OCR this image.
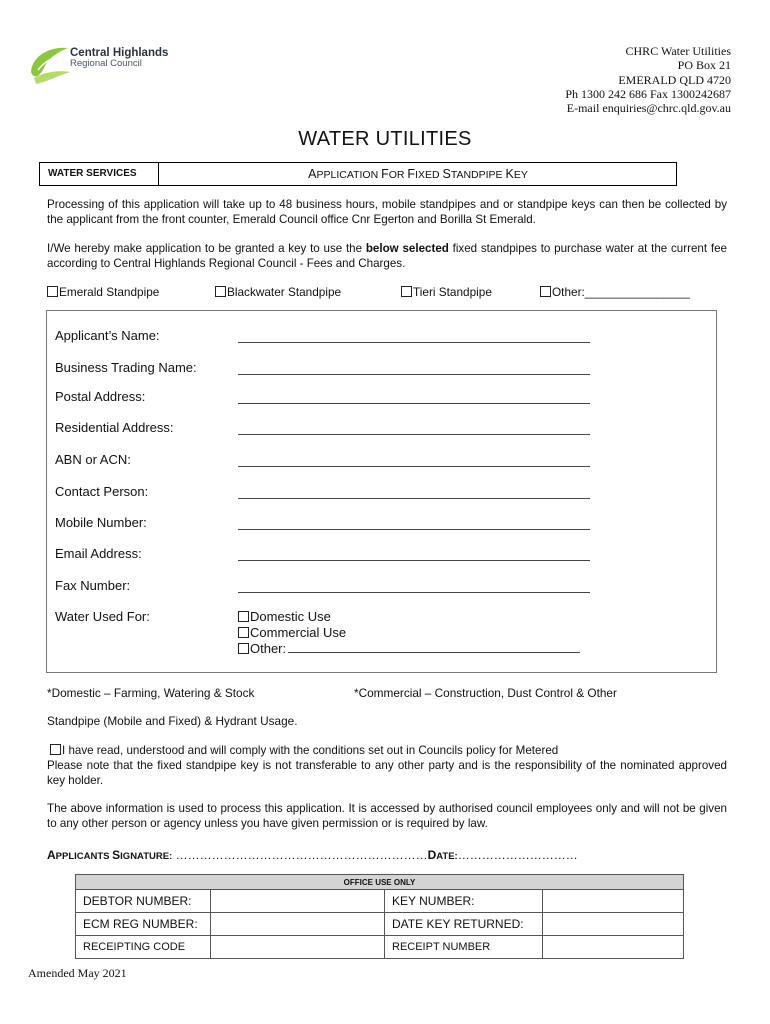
Central Highlands
Regional Council
CHRC Water Utilities
PO Box 21
EMERALD QLD 4720
Ph 1300 242 686 Fax 1300242687
E-mail enquiries@chrc.qld.gov.au
WATER UTILITIES
WATER SERVICES	APPLICATION FOR FIXED STANDPIPE KEY
Processing of this application will take up to 48 business hours, mobile standpipes and or standpipe keys can then be collected by the applicant from the front counter, Emerald Council office Cnr Egerton and Borilla St Emerald.
I/We hereby make application to be granted a key to use the below selected fixed standpipes to purchase water at the current fee according to Central Highlands Regional Council - Fees and Charges.
Emerald Standpipe	Blackwater Standpipe	Tieri Standpipe	Other:________________
Applicant’s Name:
Business Trading Name:
Postal Address:
Residential Address:
ABN or ACN:
Contact Person:
Mobile Number:
Email Address:
Fax Number:
Water Used For:	Domestic Use
Commercial Use
Other:
*Domestic – Farming, Watering & Stock	*Commercial – Construction, Dust Control & Other
Standpipe (Mobile and Fixed) & Hydrant Usage.
I have read, understood and will comply with the conditions set out in Councils policy for Metered
Please note that the fixed standpipe key is not transferable to any other party and is the responsibility of the nominated approved key holder.
The above information is used to process this application. It is accessed by authorised council employees only and will not be given to any other person or agency unless you have given permission or is required by law.
APPLICANTS SIGNATURE: ………………………………………………………DATE:…………………………
OFFICE USE ONLY			
DEBTOR NUMBER:		KEY NUMBER:	
ECM REG NUMBER:		DATE KEY RETURNED:	
RECEIPTING CODE		RECEIPT NUMBER	
Amended May 2021
